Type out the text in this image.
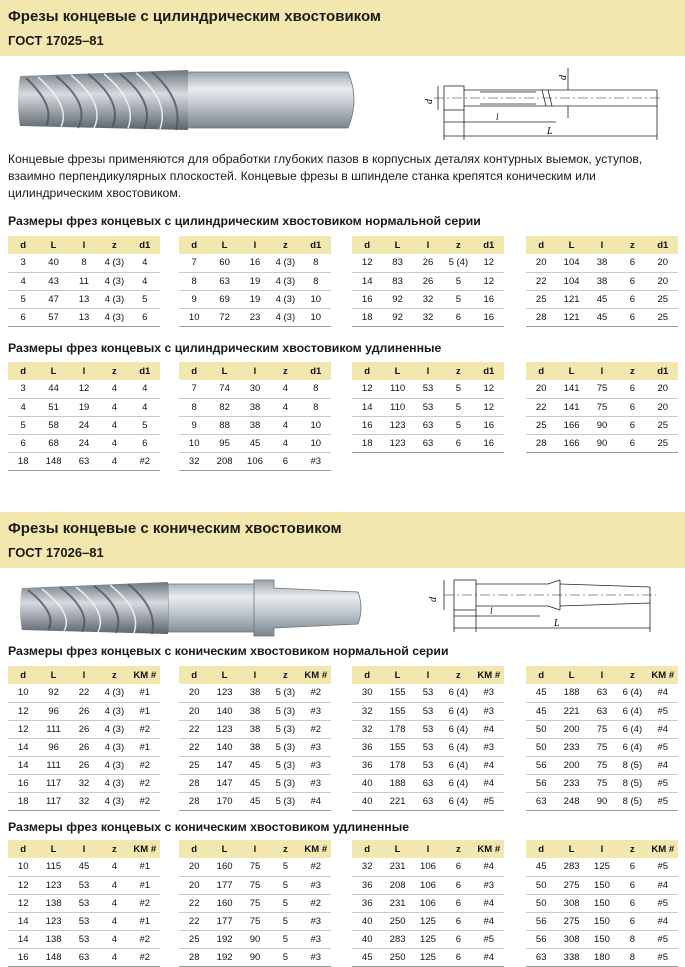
Фрезы концевые с цилиндрическим хвостовиком
ГОСТ 17025–81
d
d
l
L

Концевые фрезы применяются для обработки глубоких пазов в корпусных деталях контурных выемок, уступов, взаимно перпендикулярных плоскостей. Концевые фрезы в шпинделе станка крепятся коническим или цилиндрическим хвостовиком.

Размеры фрез концевых с цилиндрическим хвостовиком нормальной серии
Размеры фрез концевых с цилиндрическим хвостовиком удлиненные
Фрезы концевые с коническим хвостовиком
ГОСТ 17026–81
d
l
L
Размеры фрез концевых с коническим хвостовиком нормальной серии
Размеры фрез концевых с коническим хвостовиком удлиненные
d	L	l	z	d1
3	40	8	4 (3)	4
4	43	11	4 (3)	4
5	47	13	4 (3)	5
6	57	13	4 (3)	6
d	L	l	z	d1
7	60	16	4 (3)	8
8	63	19	4 (3)	8
9	69	19	4 (3)	10
10	72	23	4 (3)	10
d	L	l	z	d1
12	83	26	5 (4)	12
14	83	26	5	12
16	92	32	5	16
18	92	32	6	16
d	L	l	z	d1
20	104	38	6	20
22	104	38	6	20
25	121	45	6	25
28	121	45	6	25
d	L	l	z	d1
3	44	12	4	4
4	51	19	4	4
5	58	24	4	5
6	68	24	4	6
18	148	63	4	#2
d	L	l	z	d1
7	74	30	4	8
8	82	38	4	8
9	88	38	4	10
10	95	45	4	10
32	208	106	6	#3
d	L	l	z	d1
12	110	53	5	12
14	110	53	5	12
16	123	63	5	16
18	123	63	6	16
d	L	l	z	d1
20	141	75	6	20
22	141	75	6	20
25	166	90	6	25
28	166	90	6	25
d	L	l	z	KM #
10	92	22	4 (3)	#1
12	96	26	4 (3)	#1
12	111	26	4 (3)	#2
14	96	26	4 (3)	#1
14	111	26	4 (3)	#2
16	117	32	4 (3)	#2
18	117	32	4 (3)	#2
d	L	l	z	KM #
20	123	38	5 (3)	#2
20	140	38	5 (3)	#3
22	123	38	5 (3)	#2
22	140	38	5 (3)	#3
25	147	45	5 (3)	#3
28	147	45	5 (3)	#3
28	170	45	5 (3)	#4
d	L	l	z	KM #
30	155	53	6 (4)	#3
32	155	53	6 (4)	#3
32	178	53	6 (4)	#4
36	155	53	6 (4)	#3
36	178	53	6 (4)	#4
40	188	63	6 (4)	#4
40	221	63	6 (4)	#5
d	L	l	z	KM #
45	188	63	6 (4)	#4
45	221	63	6 (4)	#5
50	200	75	6 (4)	#4
50	233	75	6 (4)	#5
56	200	75	8 (5)	#4
56	233	75	8 (5)	#5
63	248	90	8 (5)	#5
d	L	l	z	KM #
10	115	45	4	#1
12	123	53	4	#1
12	138	53	4	#2
14	123	53	4	#1
14	138	53	4	#2
16	148	63	4	#2
d	L	l	z	KM #
20	160	75	5	#2
20	177	75	5	#3
22	160	75	5	#2
22	177	75	5	#3
25	192	90	5	#3
28	192	90	5	#3
d	L	l	z	KM #
32	231	106	6	#4
36	208	106	6	#3
36	231	106	6	#4
40	250	125	6	#4
40	283	125	6	#5
45	250	125	6	#4
d	L	l	z	KM #
45	283	125	6	#5
50	275	150	6	#4
50	308	150	6	#5
56	275	150	6	#4
56	308	150	8	#5
63	338	180	8	#5
